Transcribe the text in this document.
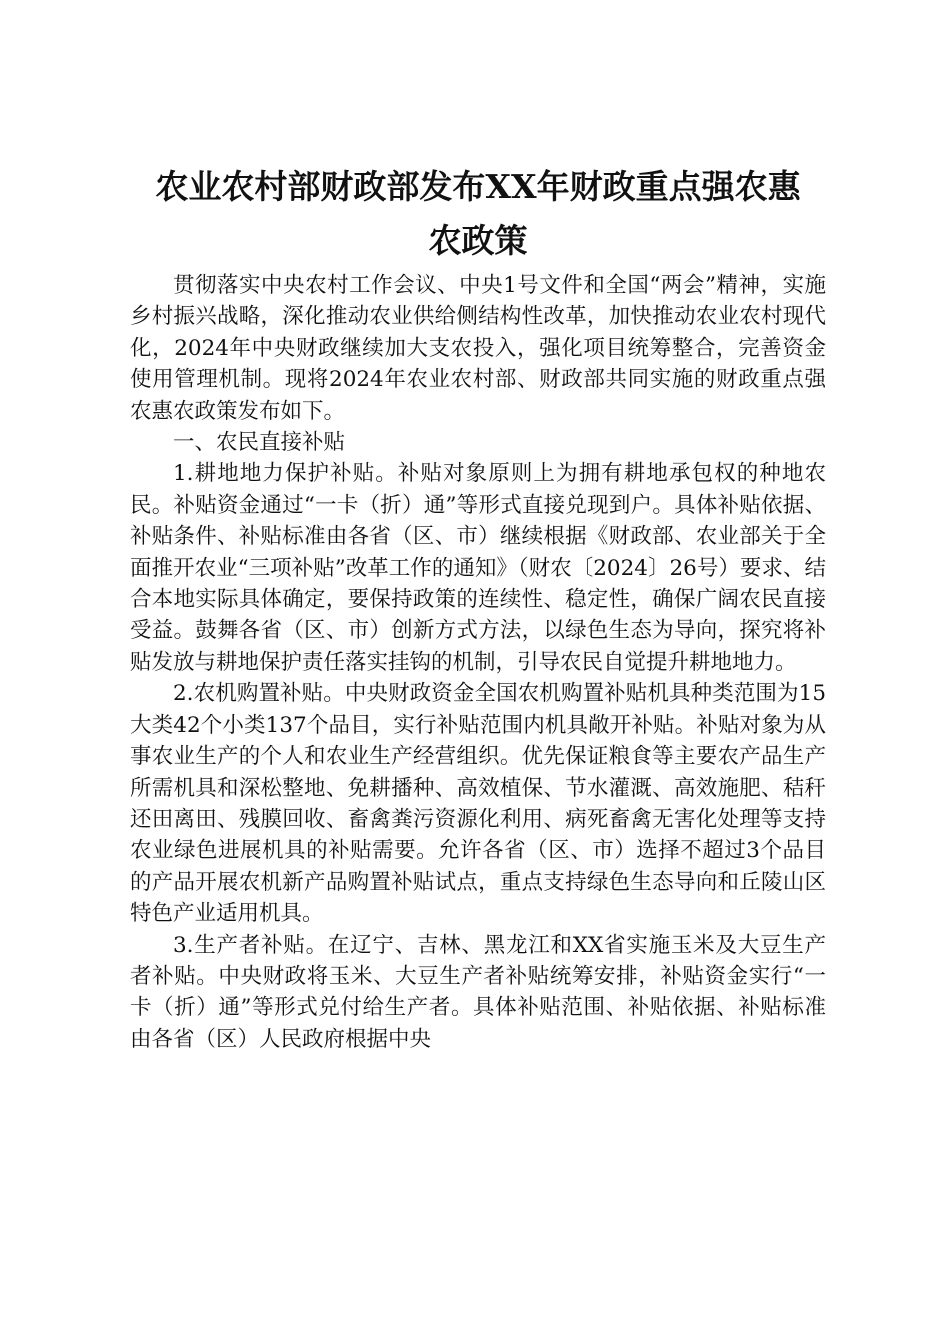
农业农村部财政部发布XX年财政重点强农惠
农政策

贯彻落实中央农村工作会议、中央1号文件和全国“两会”精神，实施乡村振兴战略，深化推动农业供给侧结构性改革，加快推动农业农村现代化，2024年中央财政继续加大支农投入，强化项目统筹整合，完善资金使用管理机制。现将2024年农业农村部、财政部共同实施的财政重点强农惠农政策发布如下。

一、农民直接补贴

1.耕地地力保护补贴。补贴对象原则上为拥有耕地承包权的种地农民。补贴资金通过“一卡（折）通”等形式直接兑现到户。具体补贴依据、补贴条件、补贴标准由各省（区、市）继续根据《财政部、农业部关于全面推开农业“三项补贴”改革工作的通知》（财农〔2024〕26号）要求、结合本地实际具体确定，要保持政策的连续性、稳定性，确保广阔农民直接受益。鼓舞各省（区、市）创新方式方法，以绿色生态为导向，探究将补贴发放与耕地保护责任落实挂钩的机制，引导农民自觉提升耕地地力。

2.农机购置补贴。中央财政资金全国农机购置补贴机具种类范围为15大类42个小类137个品目，实行补贴范围内机具敞开补贴。补贴对象为从事农业生产的个人和农业生产经营组织。优先保证粮食等主要农产品生产所需机具和深松整地、免耕播种、高效植保、节水灌溉、高效施肥、秸秆还田离田、残膜回收、畜禽粪污资源化利用、病死畜禽无害化处理等支持农业绿色进展机具的补贴需要。允许各省（区、市）选择不超过3个品目的产品开展农机新产品购置补贴试点，重点支持绿色生态导向和丘陵山区特色产业适用机具。

3.生产者补贴。在辽宁、吉林、黑龙江和XX省实施玉米及大豆生产者补贴。中央财政将玉米、大豆生产者补贴统筹安排，补贴资金实行“一卡（折）通”等形式兑付给生产者。具体补贴范围、补贴依据、补贴标准由各省（区）人民政府根据中央
